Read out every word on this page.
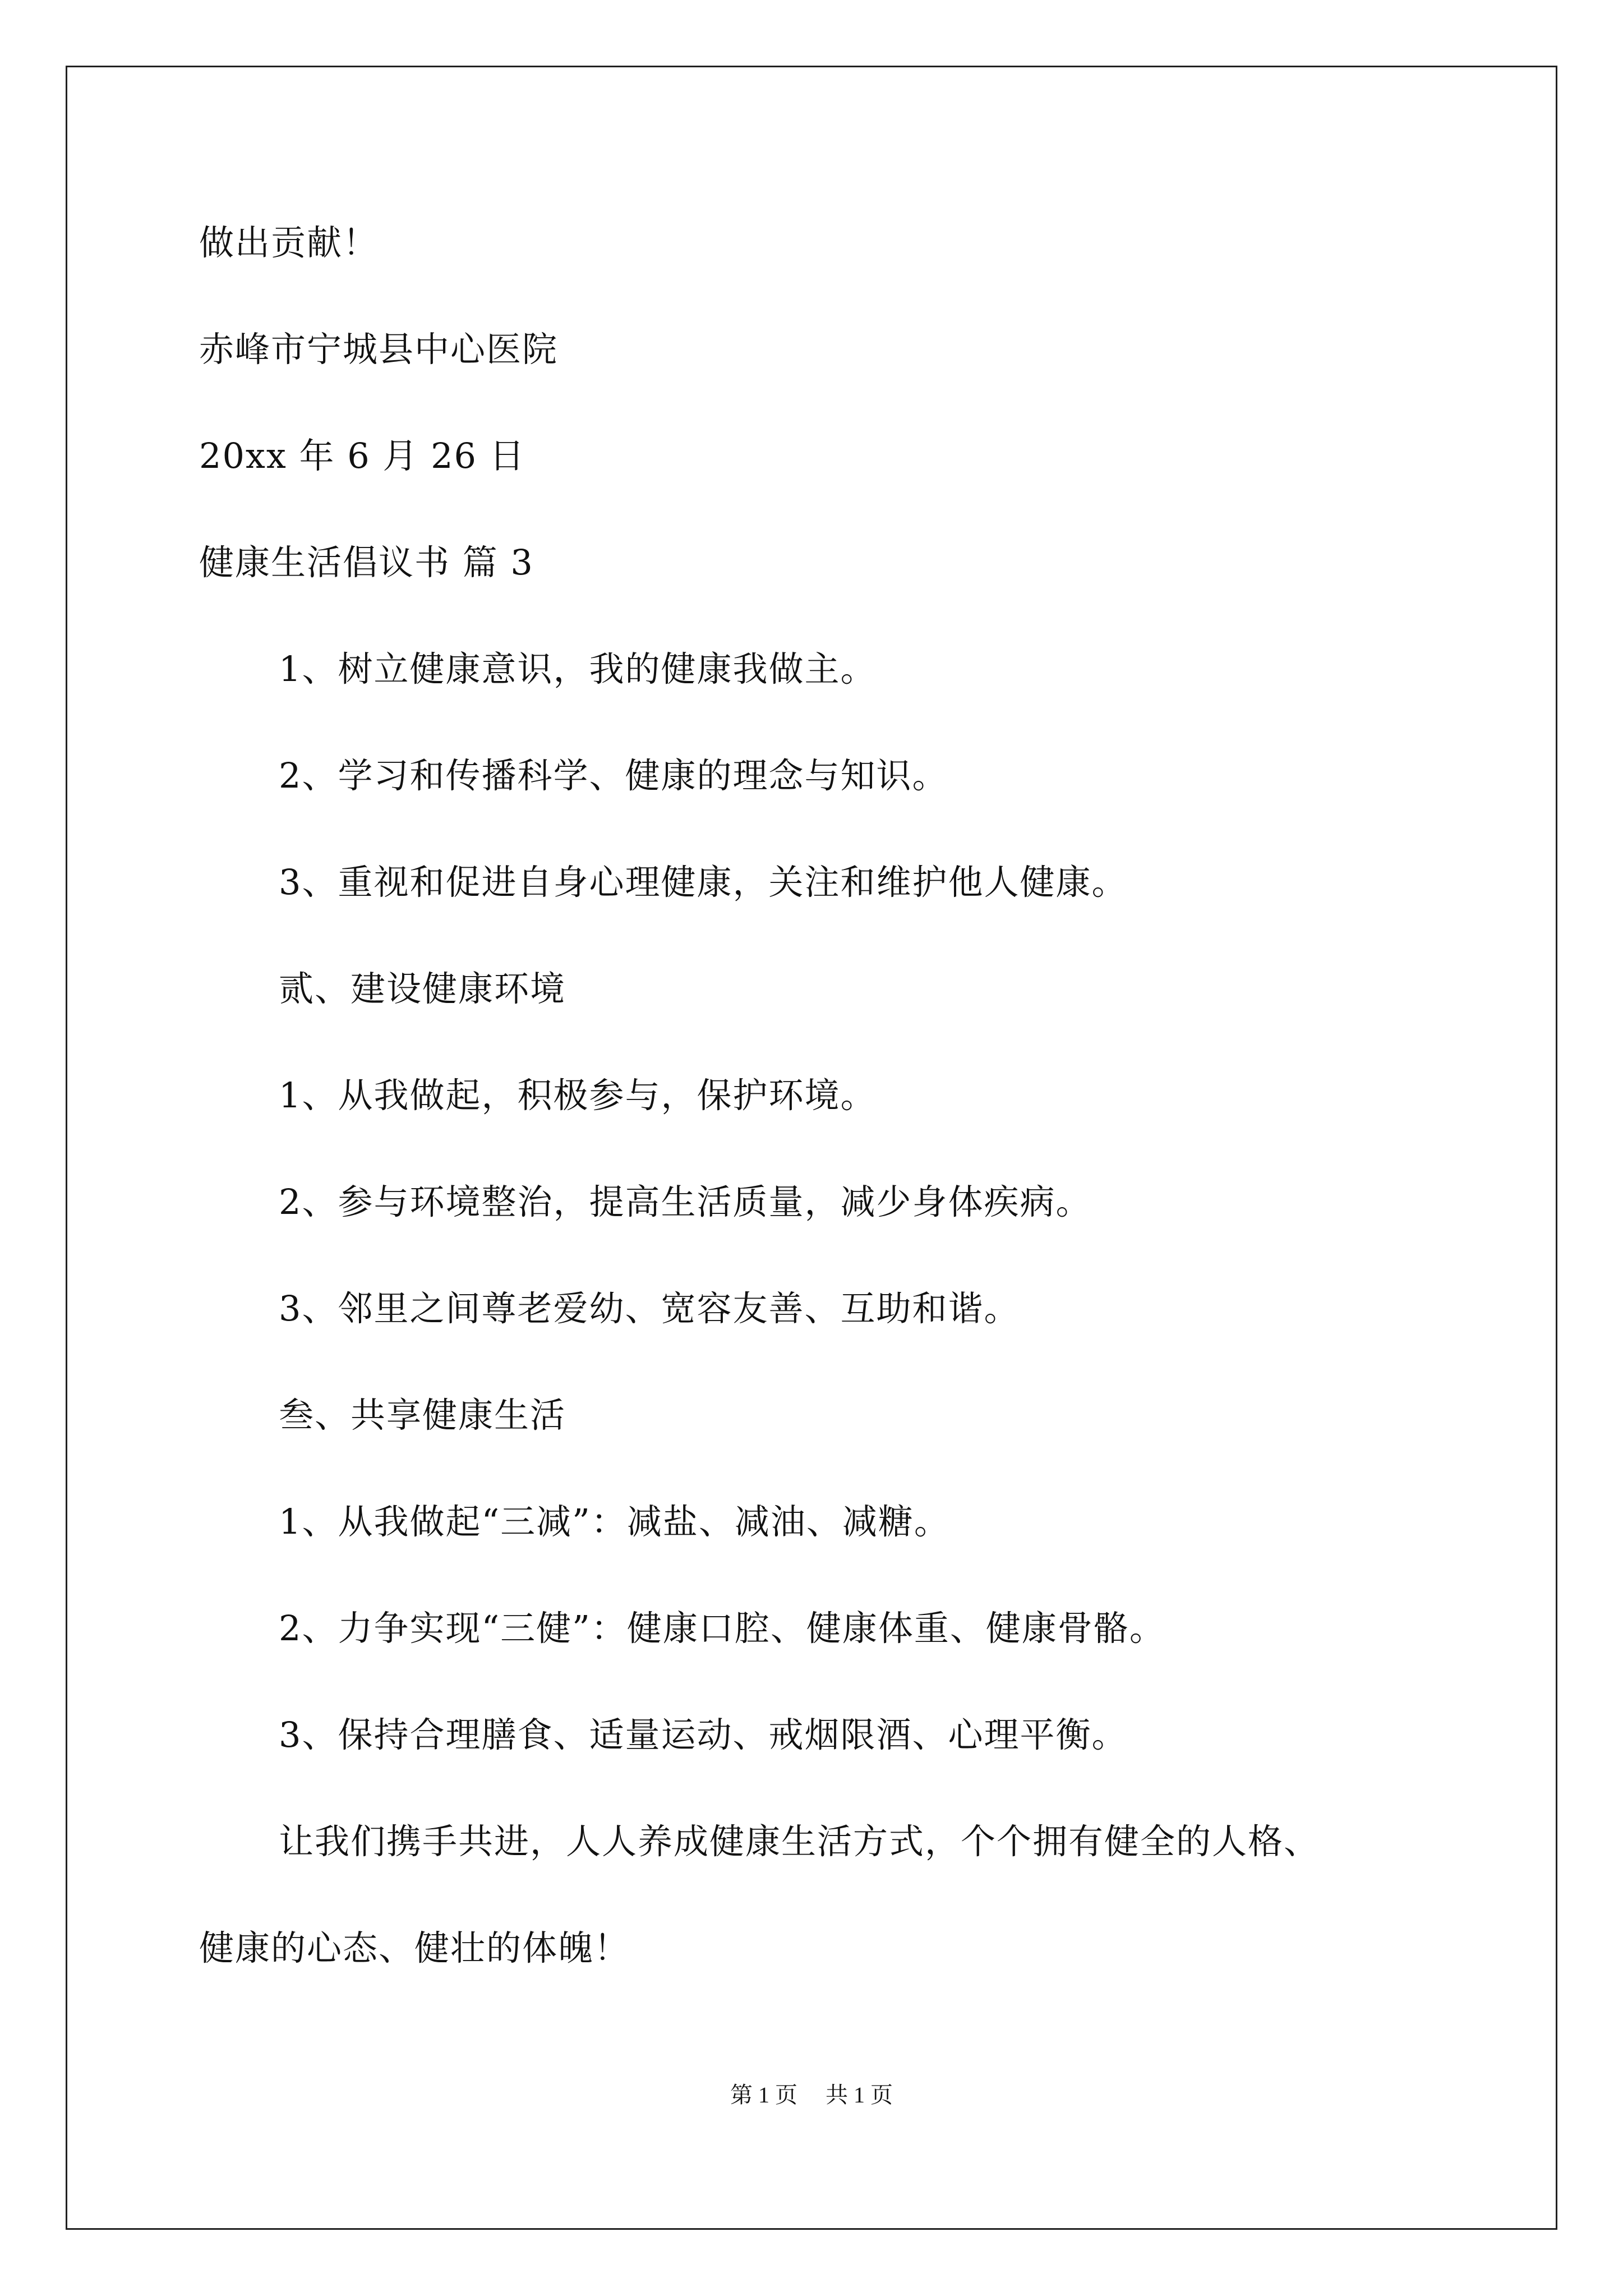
做出贡献！

赤峰市宁城县中心医院

20xx 年 6 月 26 日

健康生活倡议书 篇 3

1、树立健康意识，我的健康我做主。

2、学习和传播科学、健康的理念与知识。

3、重视和促进自身心理健康，关注和维护他人健康。

贰、建设健康环境

1、从我做起，积极参与，保护环境。

2、参与环境整治，提高生活质量，减少身体疾病。

3、邻里之间尊老爱幼、宽容友善、互助和谐。

叁、共享健康生活

1、从我做起“三减”：减盐、减油、减糖。

2、力争实现“三健”：健康口腔、健康体重、健康骨骼。

3、保持合理膳食、适量运动、戒烟限酒、心理平衡。

让我们携手共进，人人养成健康生活方式，个个拥有健全的人格、

健康的心态、健壮的体魄！

第 1 页 共 1 页
